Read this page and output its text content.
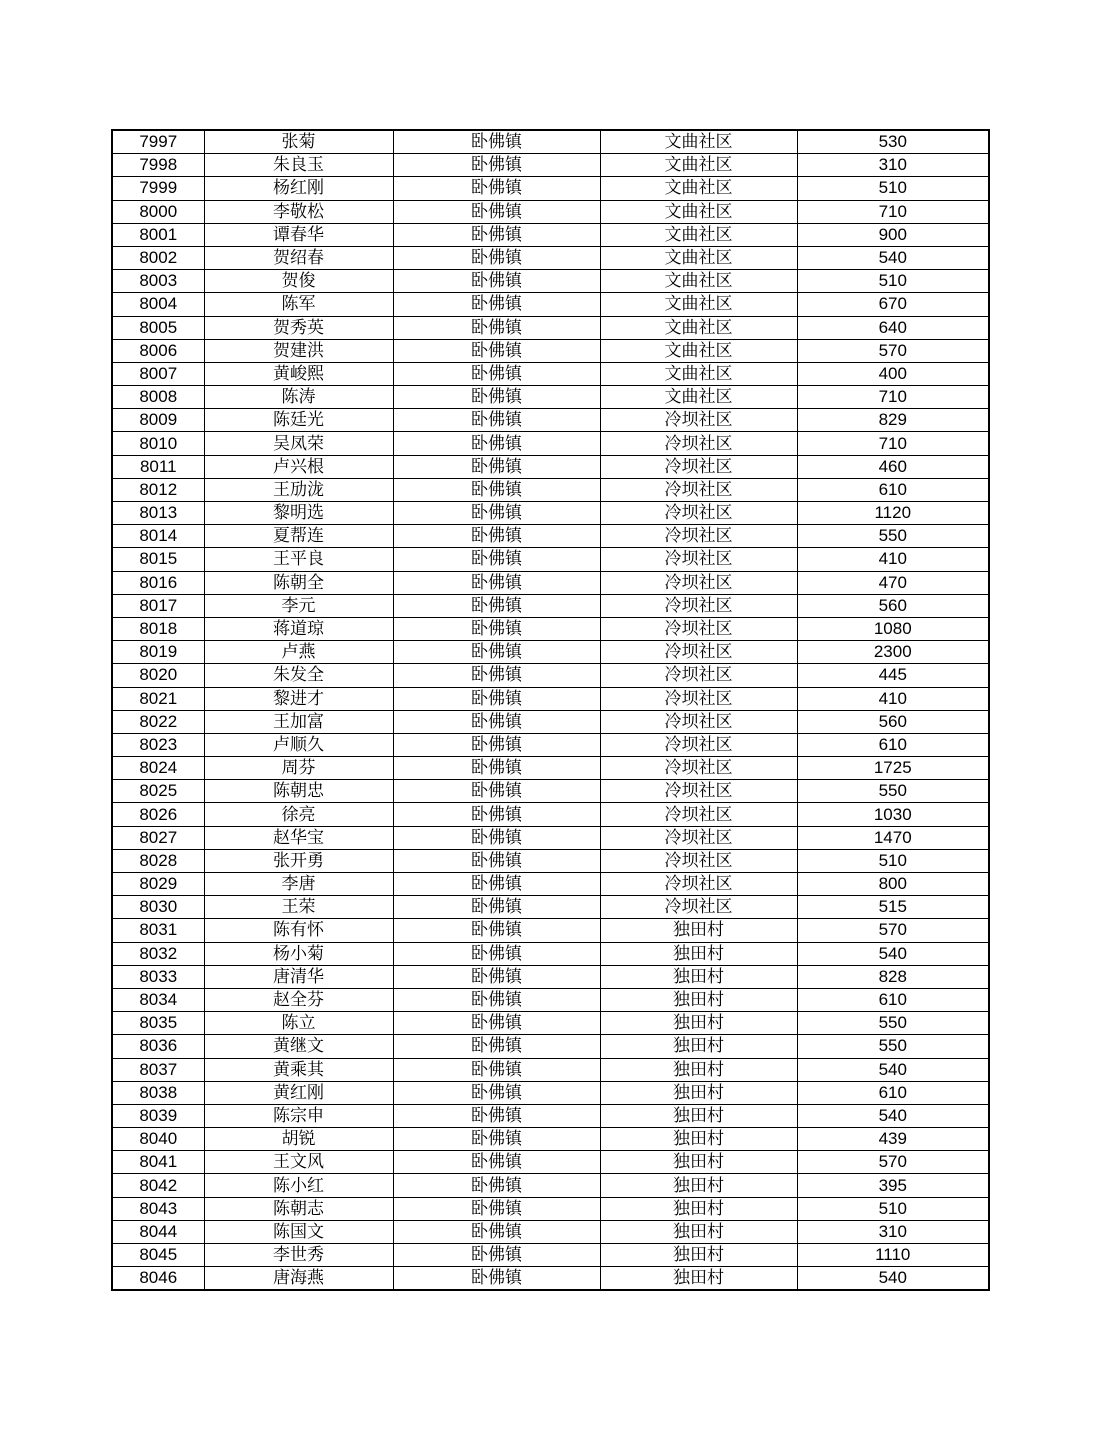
7997	张菊	卧佛镇	文曲社区	530
7998	朱良玉	卧佛镇	文曲社区	310
7999	杨红刚	卧佛镇	文曲社区	510
8000	李敬松	卧佛镇	文曲社区	710
8001	谭春华	卧佛镇	文曲社区	900
8002	贺绍春	卧佛镇	文曲社区	540
8003	贺俊	卧佛镇	文曲社区	510
8004	陈军	卧佛镇	文曲社区	670
8005	贺秀英	卧佛镇	文曲社区	640
8006	贺建洪	卧佛镇	文曲社区	570
8007	黄峻熙	卧佛镇	文曲社区	400
8008	陈涛	卧佛镇	文曲社区	710
8009	陈廷光	卧佛镇	冷坝社区	829
8010	吴凤荣	卧佛镇	冷坝社区	710
8011	卢兴根	卧佛镇	冷坝社区	460
8012	王劢泷	卧佛镇	冷坝社区	610
8013	黎明选	卧佛镇	冷坝社区	1120
8014	夏帮连	卧佛镇	冷坝社区	550
8015	王平良	卧佛镇	冷坝社区	410
8016	陈朝全	卧佛镇	冷坝社区	470
8017	李元	卧佛镇	冷坝社区	560
8018	蒋道琼	卧佛镇	冷坝社区	1080
8019	卢燕	卧佛镇	冷坝社区	2300
8020	朱发全	卧佛镇	冷坝社区	445
8021	黎进才	卧佛镇	冷坝社区	410
8022	王加富	卧佛镇	冷坝社区	560
8023	卢顺久	卧佛镇	冷坝社区	610
8024	周芬	卧佛镇	冷坝社区	1725
8025	陈朝忠	卧佛镇	冷坝社区	550
8026	徐亮	卧佛镇	冷坝社区	1030
8027	赵华宝	卧佛镇	冷坝社区	1470
8028	张开勇	卧佛镇	冷坝社区	510
8029	李唐	卧佛镇	冷坝社区	800
8030	王荣	卧佛镇	冷坝社区	515
8031	陈有怀	卧佛镇	独田村	570
8032	杨小菊	卧佛镇	独田村	540
8033	唐清华	卧佛镇	独田村	828
8034	赵全芬	卧佛镇	独田村	610
8035	陈立	卧佛镇	独田村	550
8036	黄继文	卧佛镇	独田村	550
8037	黄乘其	卧佛镇	独田村	540
8038	黄红刚	卧佛镇	独田村	610
8039	陈宗申	卧佛镇	独田村	540
8040	胡锐	卧佛镇	独田村	439
8041	王文风	卧佛镇	独田村	570
8042	陈小红	卧佛镇	独田村	395
8043	陈朝志	卧佛镇	独田村	510
8044	陈国文	卧佛镇	独田村	310
8045	李世秀	卧佛镇	独田村	1110
8046	唐海燕	卧佛镇	独田村	540
